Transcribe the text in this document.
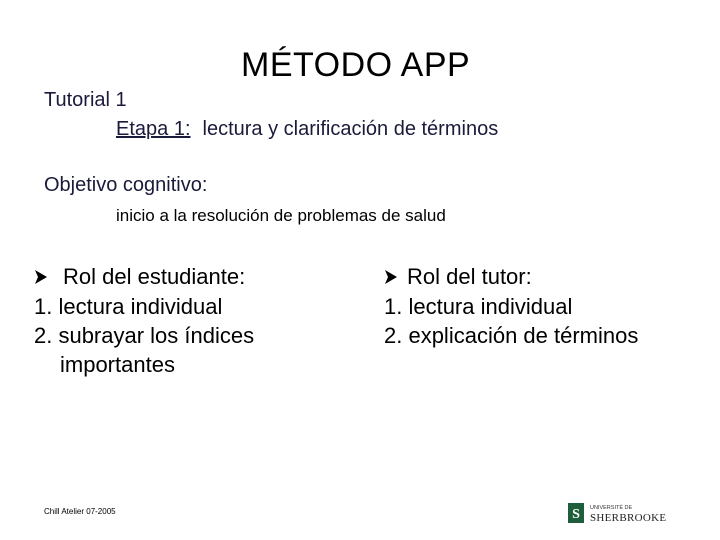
MÉTODO APP
Tutorial 1
Etapa 1: lectura y clarificación de términos
Objetivo cognitivo:
inicio a la resolución de problemas de salud
Rol del estudiante:
1. lectura individual
2. subrayar los índices
importantes
Rol del tutor:
1. lectura individual
2. explicación de términos
Chill Atelier 07-2005	S UNIVERSITÉ DE
SHERBROOKE
